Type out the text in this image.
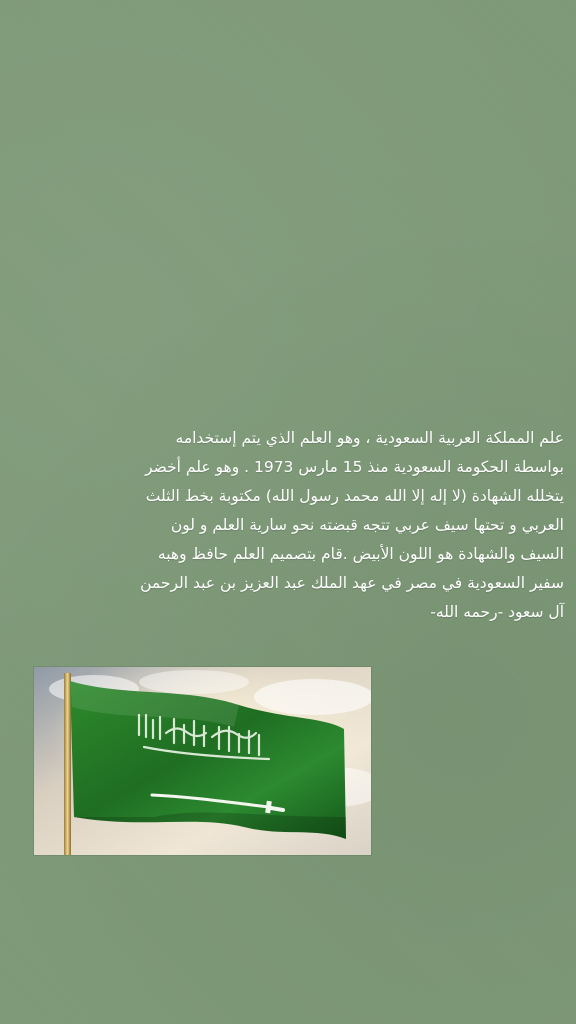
علم المملكة العربية السعودية ، وهو العلم الذي يتم إستخدامه
بواسطة الحكومة السعودية منذ 15 مارس 1973 . وهو علم أخضر
يتخلله الشهادة (لا إله إلا الله محمد رسول الله) مكتوبة بخط الثلث
العربي و تحتها سيف عربي تتجه قبضته نحو سارية العلم و لون
السيف والشهادة هو اللون الأبيض .قام بتصميم العلم حافظ وهبه
سفير السعودية في مصر في عهد الملك عبد العزيز بن عبد الرحمن
آل سعود -رحمه الله-
